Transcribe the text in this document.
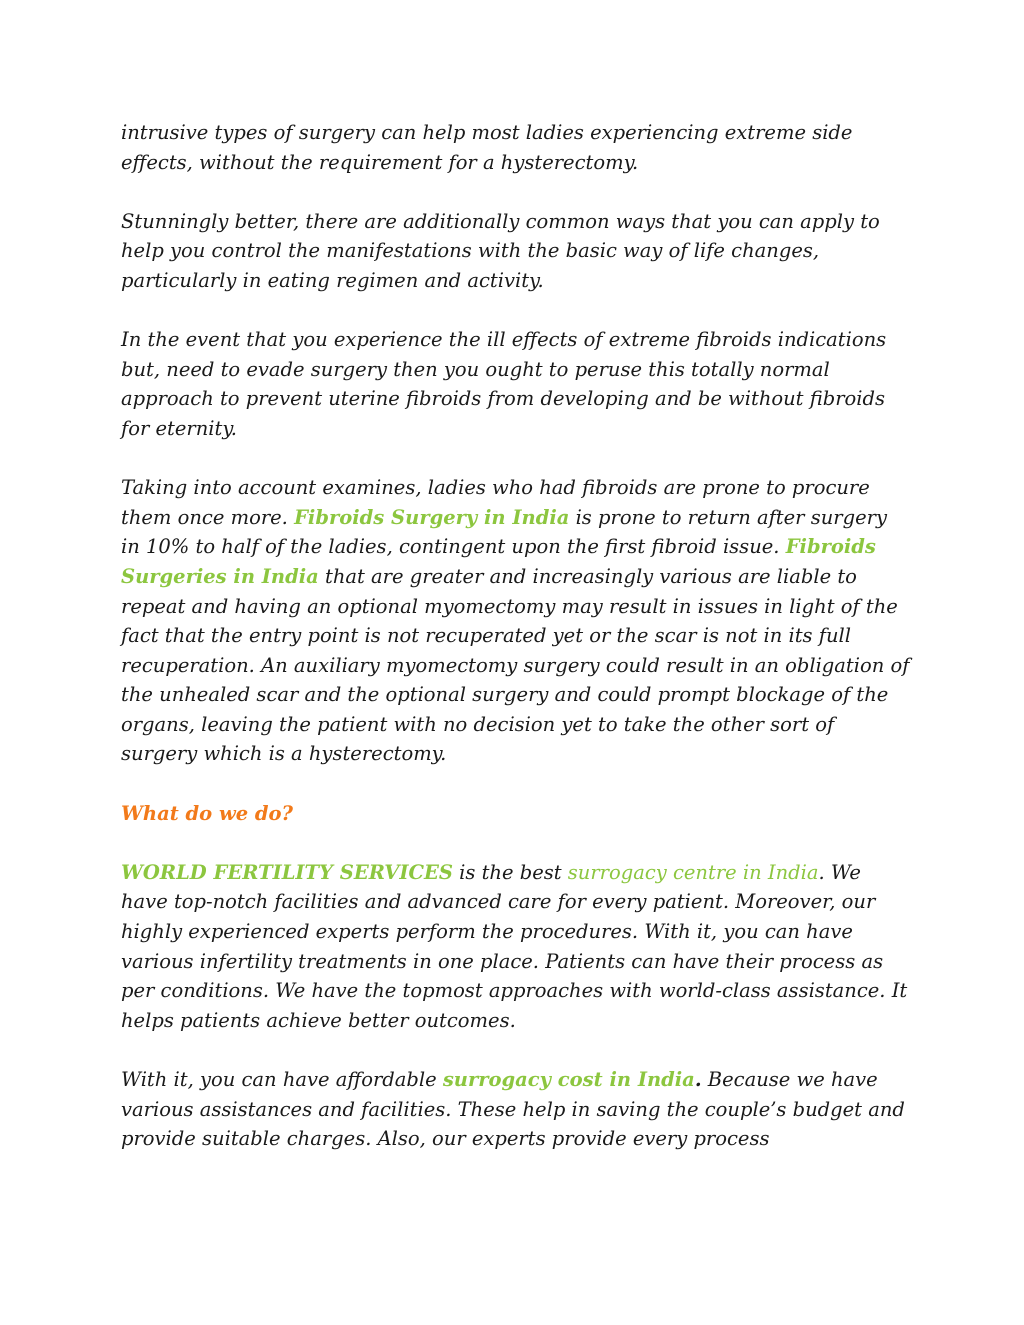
intrusive types of surgery can help most ladies experiencing extreme side effects, without the requirement for a hysterectomy.

Stunningly better, there are additionally common ways that you can apply to help you control the manifestations with the basic way of life changes, particularly in eating regimen and activity.

In the event that you experience the ill effects of extreme fibroids indications but, need to evade surgery then you ought to peruse this totally normal approach to prevent uterine fibroids from developing and be without fibroids for eternity.

Taking into account examines, ladies who had fibroids are prone to procure them once more. Fibroids Surgery in India is prone to return after surgery in 10% to half of the ladies, contingent upon the first fibroid issue. Fibroids Surgeries in India that are greater and increasingly various are liable to repeat and having an optional myomectomy may result in issues in light of the fact that the entry point is not recuperated yet or the scar is not in its full recuperation. An auxiliary myomectomy surgery could result in an obligation of the unhealed scar and the optional surgery and could prompt blockage of the organs, leaving the patient with no decision yet to take the other sort of surgery which is a hysterectomy.

What do we do?

WORLD FERTILITY SERVICES is the best surrogacy centre in India. We have top-notch facilities and advanced care for every patient. Moreover, our highly experienced experts perform the procedures. With it, you can have various infertility treatments in one place. Patients can have their process as per conditions. We have the topmost approaches with world-class assistance. It helps patients achieve better outcomes.

With it, you can have affordable surrogacy cost in India. Because we have various assistances and facilities. These help in saving the couple’s budget and provide suitable charges. Also, our experts provide every process
